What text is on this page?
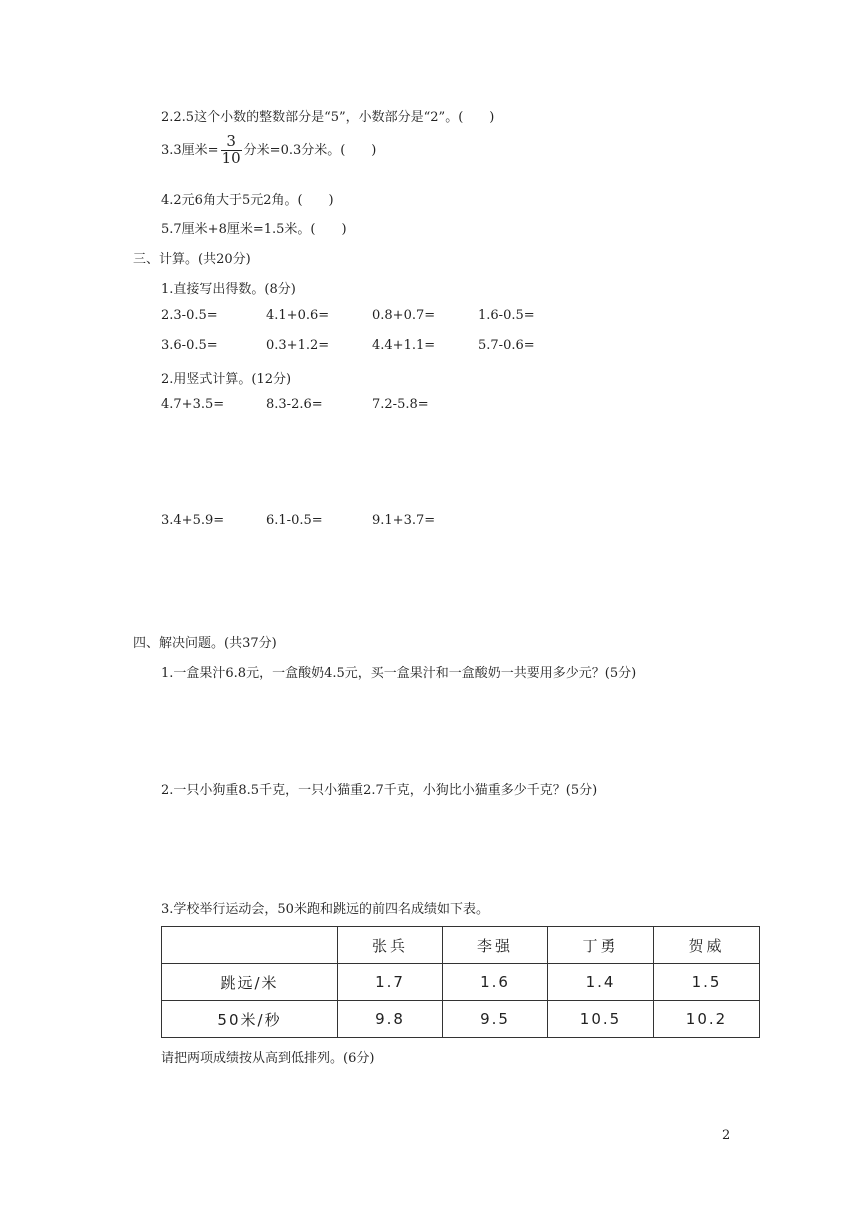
2.2.5这个小数的整数部分是“5”，小数部分是“2”。(　　)
3.3厘米= $\frac{3}{10}$ 分米=0.3分米。(　　)
4.2元6角大于5元2角。(　　)
5.7厘米+8厘米=1.5米。(　　)
三、计算。(共20分)
1.直接写出得数。(8分)
2.3-0.5=	4.1+0.6=	0.8+0.7=	1.6-0.5=
3.6-0.5=	0.3+1.2=	4.4+1.1=	5.7-0.6=
2.用竖式计算。(12分)
4.7+3.5=	8.3-2.6=	7.2-5.8=
3.4+5.9=	6.1-0.5=	9.1+3.7=
四、解决问题。(共37分)
1.一盒果汁6.8元，一盒酸奶4.5元，买一盒果汁和一盒酸奶一共要用多少元？(5分)
2.一只小狗重8.5千克，一只小猫重2.7千克，小狗比小猫重多少千克？(5分)
3.学校举行运动会，50米跑和跳远的前四名成绩如下表。
	张兵	李强	丁勇	贺威
跳远/米	1.7	1.6	1.4	1.5
50米/秒	9.8	9.5	10.5	10.2
请把两项成绩按从高到低排列。(6分)
2
